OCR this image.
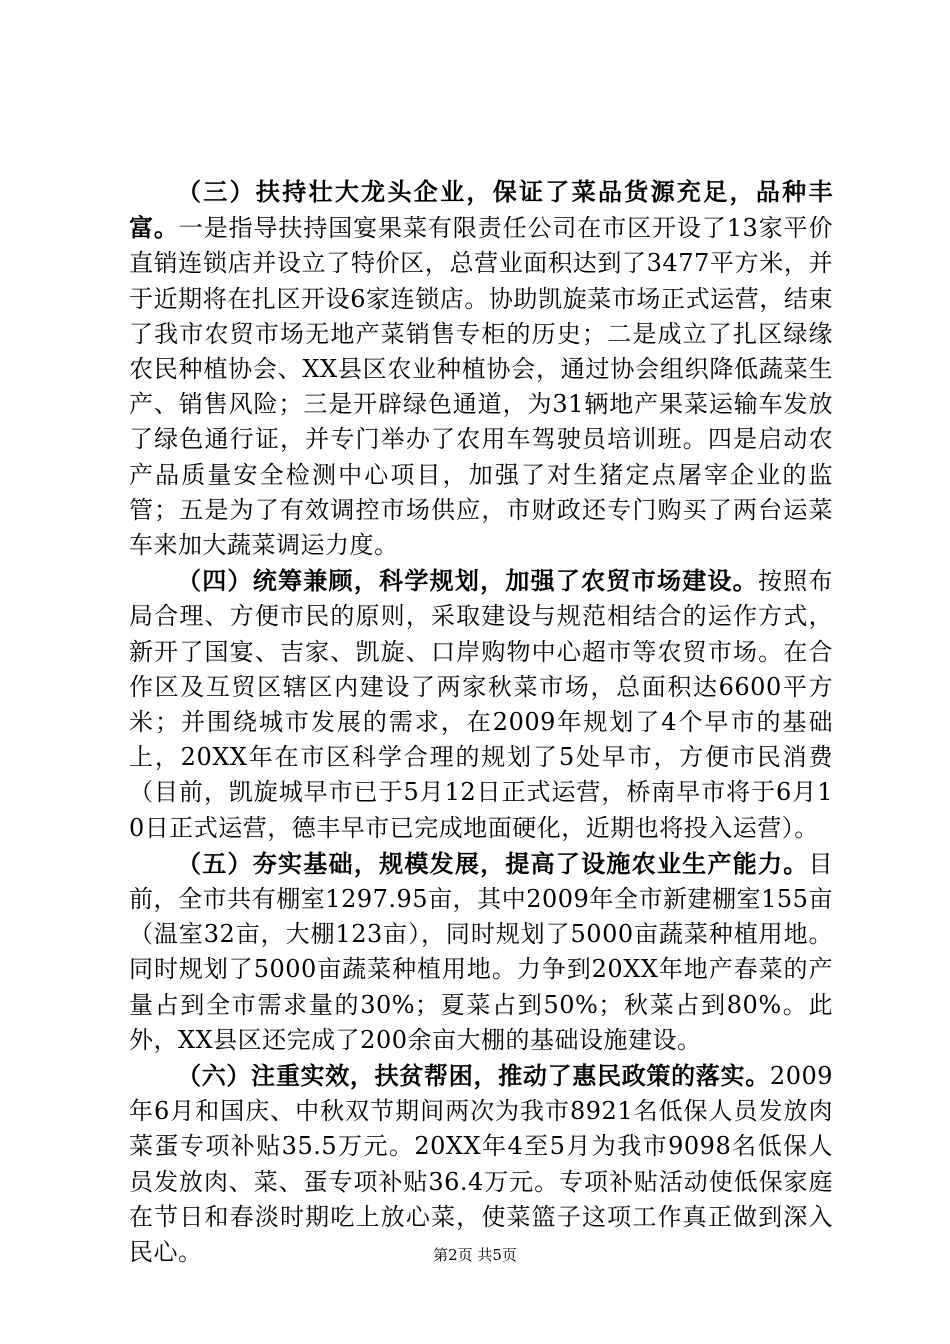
（三）扶持壮大龙头企业，保证了菜品货源充足，品种丰富。一是指导扶持国宴果菜有限责任公司在市区开设了13家平价直销连锁店并设立了特价区，总营业面积达到了3477平方米，并于近期将在扎区开设6家连锁店。协助凯旋菜市场正式运营，结束了我市农贸市场无地产菜销售专柜的历史；二是成立了扎区绿缘农民种植协会、XX县区农业种植协会，通过协会组织降低蔬菜生产、销售风险；三是开辟绿色通道，为31辆地产果菜运输车发放了绿色通行证，并专门举办了农用车驾驶员培训班。四是启动农产品质量安全检测中心项目，加强了对生猪定点屠宰企业的监管；五是为了有效调控市场供应，市财政还专门购买了两台运菜车来加大蔬菜调运力度。

（四）统筹兼顾，科学规划，加强了农贸市场建设。按照布局合理、方便市民的原则，采取建设与规范相结合的运作方式，新开了国宴、吉家、凯旋、口岸购物中心超市等农贸市场。在合作区及互贸区辖区内建设了两家秋菜市场，总面积达6600平方米；并围绕城市发展的需求，在2009年规划了4个早市的基础上，20XX年在市区科学合理的规划了5处早市，方便市民消费（目前，凯旋城早市已于5月12日正式运营，桥南早市将于6月10日正式运营，德丰早市已完成地面硬化，近期也将投入运营）。

（五）夯实基础，规模发展，提高了设施农业生产能力。目前，全市共有棚室1297.95亩，其中2009年全市新建棚室155亩（温室32亩，大棚123亩），同时规划了5000亩蔬菜种植用地。同时规划了5000亩蔬菜种植用地。力争到20XX年地产春菜的产量占到全市需求量的30%；夏菜占到50%；秋菜占到80%。此外，XX县区还完成了200余亩大棚的基础设施建设。

（六）注重实效，扶贫帮困，推动了惠民政策的落实。2009年6月和国庆、中秋双节期间两次为我市8921名低保人员发放肉菜蛋专项补贴35.5万元。20XX年4至5月为我市9098名低保人员发放肉、菜、蛋专项补贴36.4万元。专项补贴活动使低保家庭在节日和春淡时期吃上放心菜，使菜篮子这项工作真正做到深入民心。	第2页 共5页
